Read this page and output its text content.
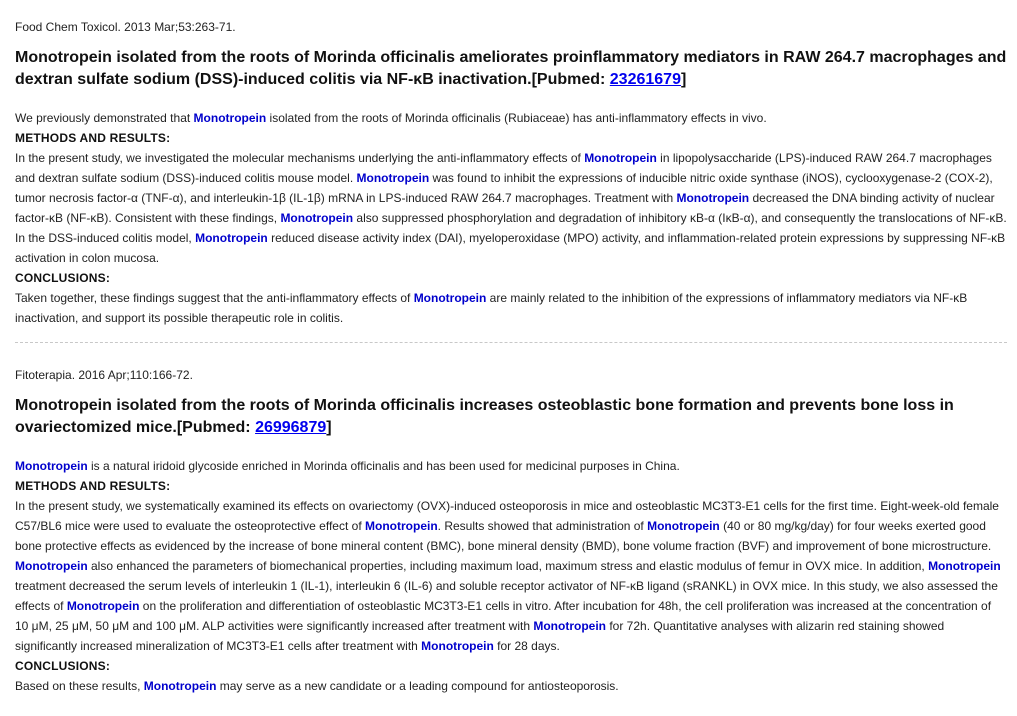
Food Chem Toxicol. 2013 Mar;53:263-71.

Monotropein isolated from the roots of Morinda officinalis ameliorates proinflammatory mediators in RAW 264.7 macrophages and dextran sulfate sodium (DSS)-induced colitis via NF-κB inactivation.[Pubmed: 23261679]

We previously demonstrated that Monotropein isolated from the roots of Morinda officinalis (Rubiaceae) has anti-inflammatory effects in vivo.

METHODS AND RESULTS:

In the present study, we investigated the molecular mechanisms underlying the anti-inflammatory effects of Monotropein in lipopolysaccharide (LPS)-induced RAW 264.7 macrophages and dextran sulfate sodium (DSS)-induced colitis mouse model. Monotropein was found to inhibit the expressions of inducible nitric oxide synthase (iNOS), cyclooxygenase-2 (COX-2), tumor necrosis factor-α (TNF-α), and interleukin-1β (IL-1β) mRNA in LPS-induced RAW 264.7 macrophages. Treatment with Monotropein decreased the DNA binding activity of nuclear factor-κB (NF-κB). Consistent with these findings, Monotropein also suppressed phosphorylation and degradation of inhibitory κB-α (IκB-α), and consequently the translocations of NF-κB. In the DSS-induced colitis model, Monotropein reduced disease activity index (DAI), myeloperoxidase (MPO) activity, and inflammation-related protein expressions by suppressing NF-κB activation in colon mucosa.

CONCLUSIONS:

Taken together, these findings suggest that the anti-inflammatory effects of Monotropein are mainly related to the inhibition of the expressions of inflammatory mediators via NF-κB inactivation, and support its possible therapeutic role in colitis.

Fitoterapia. 2016 Apr;110:166-72.

Monotropein isolated from the roots of Morinda officinalis increases osteoblastic bone formation and prevents bone loss in ovariectomized mice.[Pubmed: 26996879]

Monotropein is a natural iridoid glycoside enriched in Morinda officinalis and has been used for medicinal purposes in China.

METHODS AND RESULTS:

In the present study, we systematically examined its effects on ovariectomy (OVX)-induced osteoporosis in mice and osteoblastic MC3T3-E1 cells for the first time. Eight-week-old female C57/BL6 mice were used to evaluate the osteoprotective effect of Monotropein. Results showed that administration of Monotropein (40 or 80 mg/kg/day) for four weeks exerted good bone protective effects as evidenced by the increase of bone mineral content (BMC), bone mineral density (BMD), bone volume fraction (BVF) and improvement of bone microstructure. Monotropein also enhanced the parameters of biomechanical properties, including maximum load, maximum stress and elastic modulus of femur in OVX mice. In addition, Monotropein treatment decreased the serum levels of interleukin 1 (IL-1), interleukin 6 (IL-6) and soluble receptor activator of NF-κB ligand (sRANKL) in OVX mice. In this study, we also assessed the effects of Monotropein on the proliferation and differentiation of osteoblastic MC3T3-E1 cells in vitro. After incubation for 48h, the cell proliferation was increased at the concentration of 10 μM, 25 μM, 50 μM and 100 μM. ALP activities were significantly increased after treatment with Monotropein for 72h. Quantitative analyses with alizarin red staining showed significantly increased mineralization of MC3T3-E1 cells after treatment with Monotropein for 28 days.

CONCLUSIONS:

Based on these results, Monotropein may serve as a new candidate or a leading compound for antiosteoporosis.
